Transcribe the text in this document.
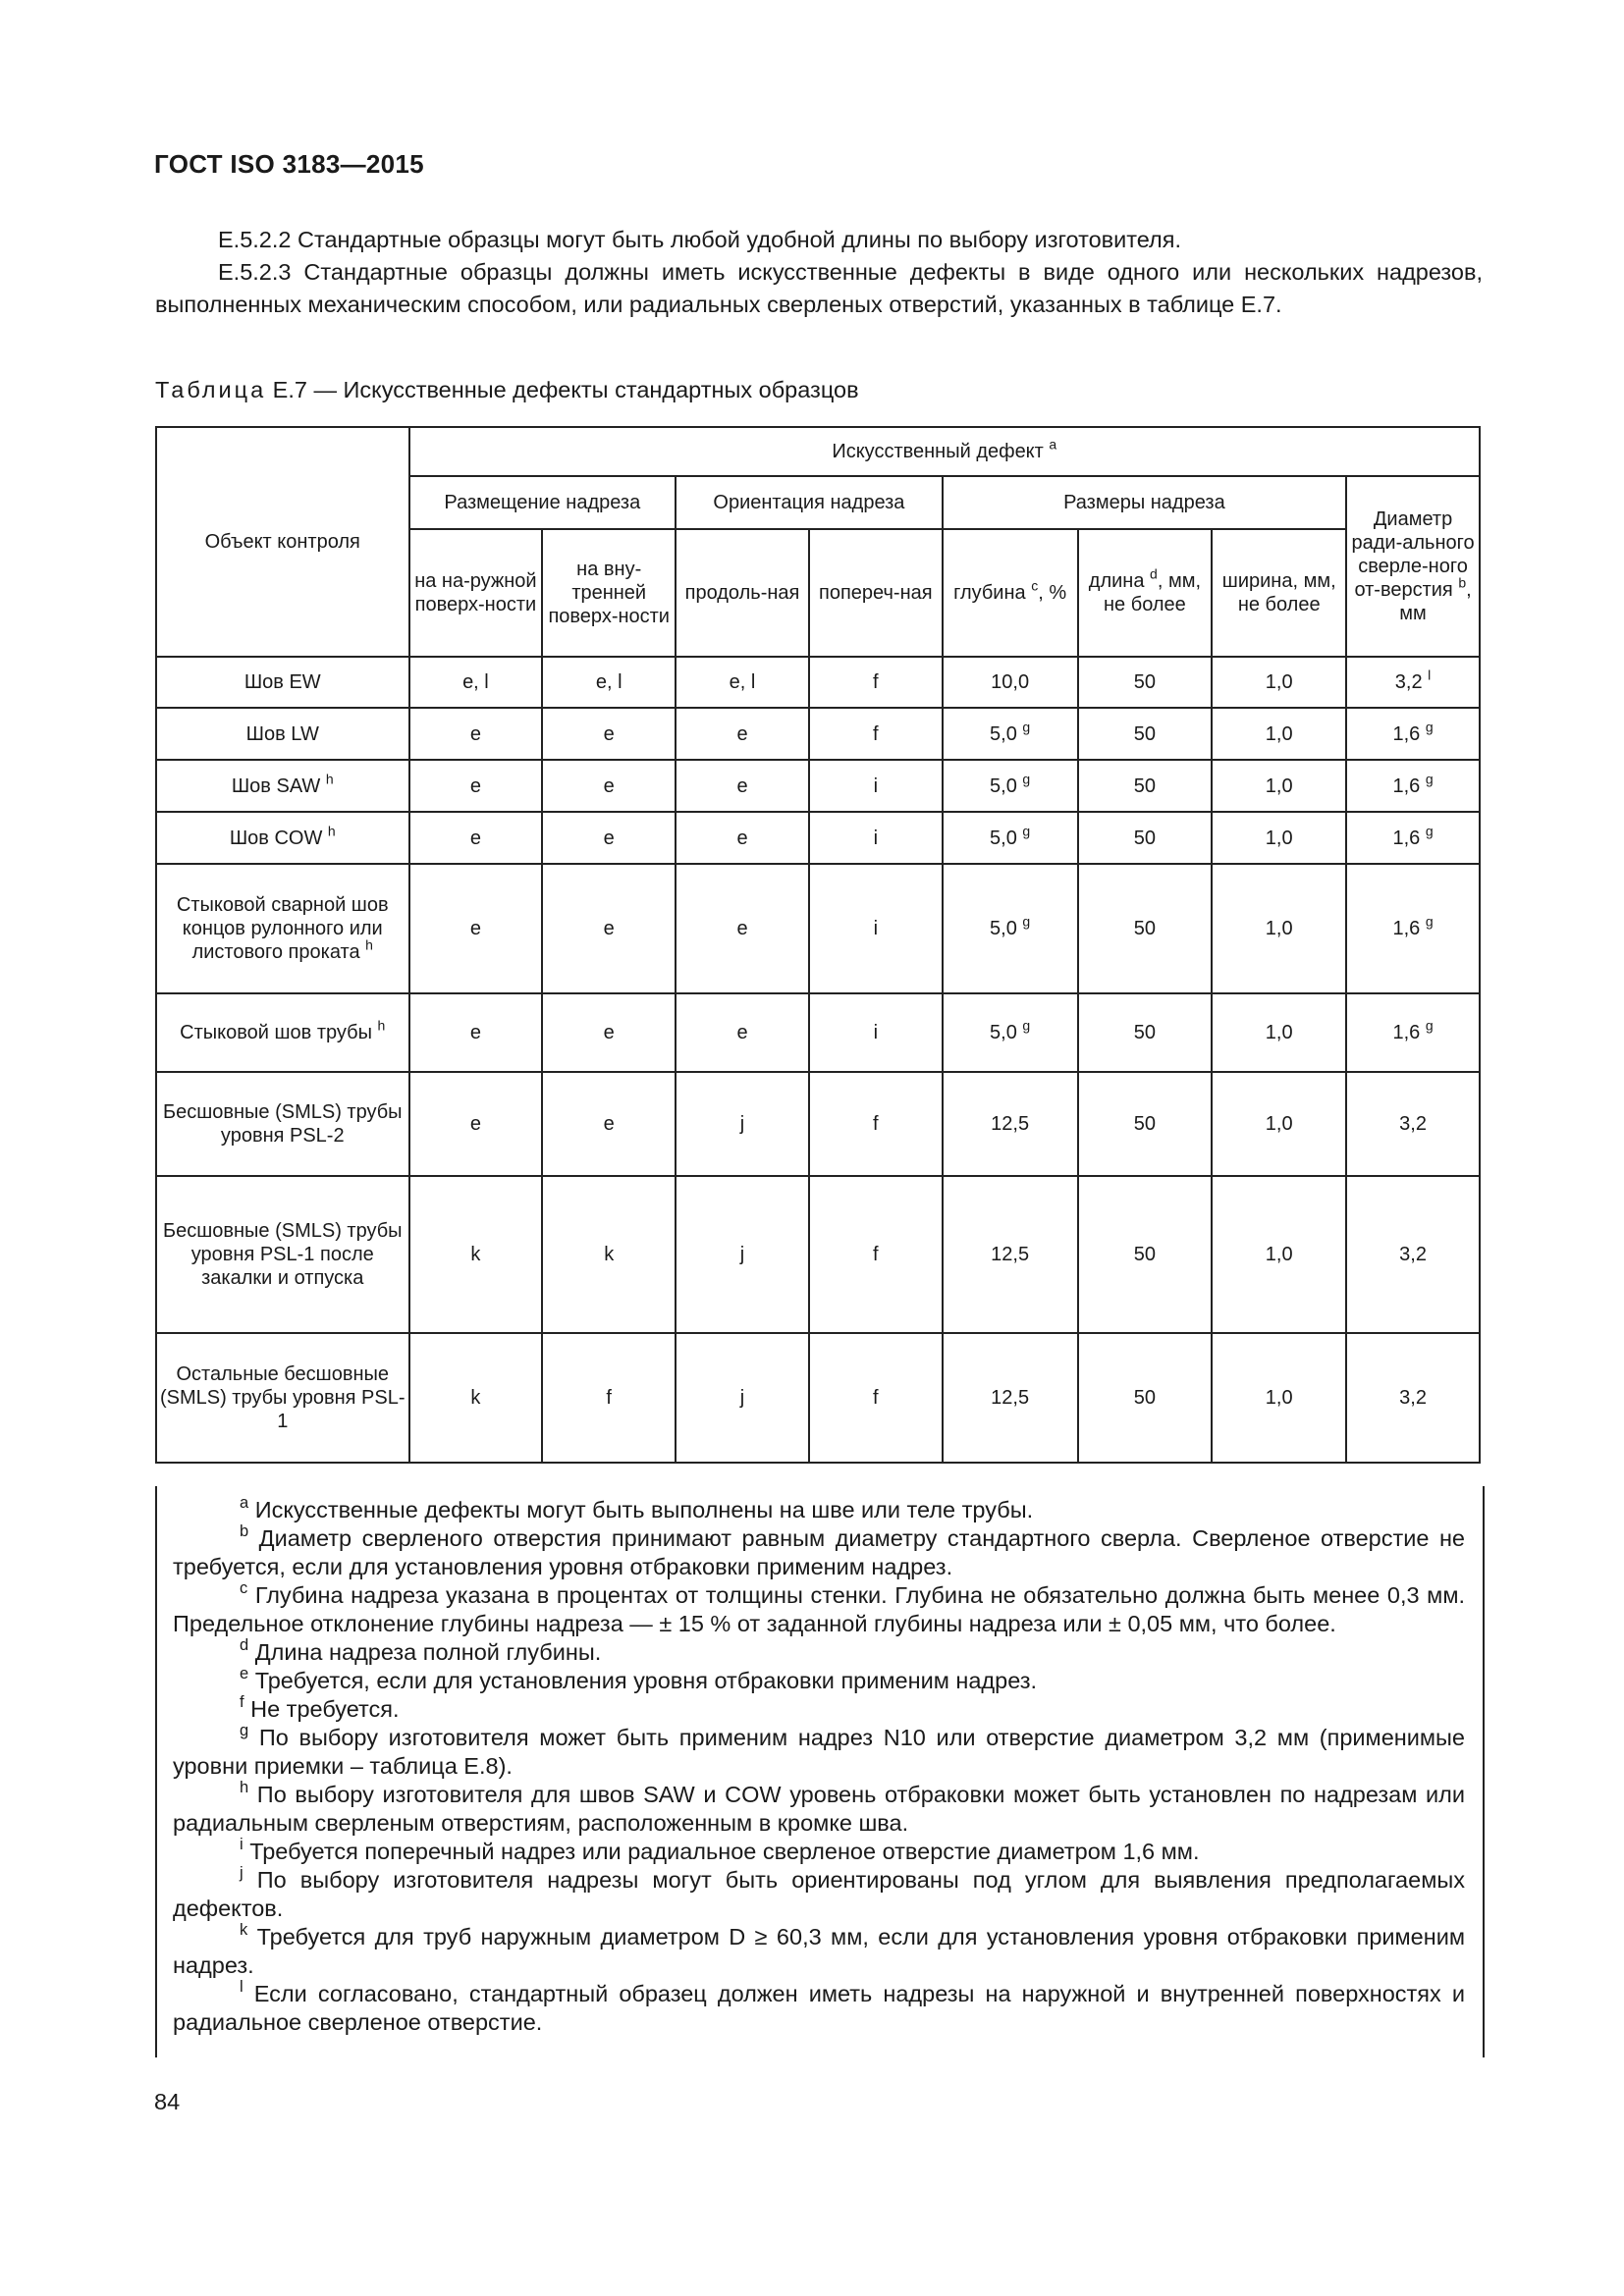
ГОСТ ISO 3183—2015

Е.5.2.2 Стандартные образцы могут быть любой удобной длины по выбору изготовителя.

Е.5.2.3 Стандартные образцы должны иметь искусственные дефекты в виде одного или нескольких надрезов, выполненных механическим способом, или радиальных сверленых отверстий, указанных в таблице Е.7.

Таблица Е.7 — Искусственные дефекты стандартных образцов
Объект контроля	Искусственный дефект $^a$
	Размещение надреза		Ориентация надреза		Размеры надреза			Диаметр ради-ального сверле-ного от-верстия $^b$, мм
	на на-ружной поверх-ности	на вну-тренней поверх-ности	продоль-ная	попереч-ная	глубина $^c$, %	длина $^d$, мм, не более	ширина, мм, не более	
Шов EW	e, l	e, l	e, l	f	10,0	50	1,0	3,2 $^l$
Шов LW	e	e	e	f	5,0 $^g$	50	1,0	1,6 $^g$
Шов SAW $^h$	e	e	e	i	5,0 $^g$	50	1,0	1,6 $^g$
Шов COW $^h$	e	e	e	i	5,0 $^g$	50	1,0	1,6 $^g$
Стыковой сварной шов концов рулонного или листового проката $^h$	e	e	e	i	5,0 $^g$	50	1,0	1,6 $^g$
Стыковой шов трубы $^h$	e	e	e	i	5,0 $^g$	50	1,0	1,6 $^g$
Бесшовные (SMLS) трубы уровня PSL-2	e	e	j	f	12,5	50	1,0	3,2
Бесшовные (SMLS) трубы уровня PSL-1 после закалки и отпуска	k	k	j	f	12,5	50	1,0	3,2
Остальные бесшовные (SMLS) трубы уровня PSL-1	k	f	j	f	12,5	50	1,0	3,2

$^a$ Искусственные дефекты могут быть выполнены на шве или теле трубы.

$^b$ Диаметр сверленого отверстия принимают равным диаметру стандартного сверла. Сверленое отверстие не требуется, если для установления уровня отбраковки применим надрез.

$^c$ Глубина надреза указана в процентах от толщины стенки. Глубина не обязательно должна быть менее 0,3 мм. Предельное отклонение глубины надреза — ± 15 % от заданной глубины надреза или ± 0,05 мм, что более.

$^d$ Длина надреза полной глубины.

$^e$ Требуется, если для установления уровня отбраковки применим надрез.

$^f$ Не требуется.

$^g$ По выбору изготовителя может быть применим надрез N10 или отверстие диаметром 3,2 мм (применимые уровни приемки – таблица Е.8).

$^h$ По выбору изготовителя для швов SAW и COW уровень отбраковки может быть установлен по надрезам или радиальным сверленым отверстиям, расположенным в кромке шва.

$^i$ Требуется поперечный надрез или радиальное сверленое отверстие диаметром 1,6 мм.

$^j$ По выбору изготовителя надрезы могут быть ориентированы под углом для выявления предполагаемых дефектов.

$^k$ Требуется для труб наружным диаметром D ≥ 60,3 мм, если для установления уровня отбраковки применим надрез.

$^l$ Если согласовано, стандартный образец должен иметь надрезы на наружной и внутренней поверхностях и радиальное сверленое отверстие.

84
